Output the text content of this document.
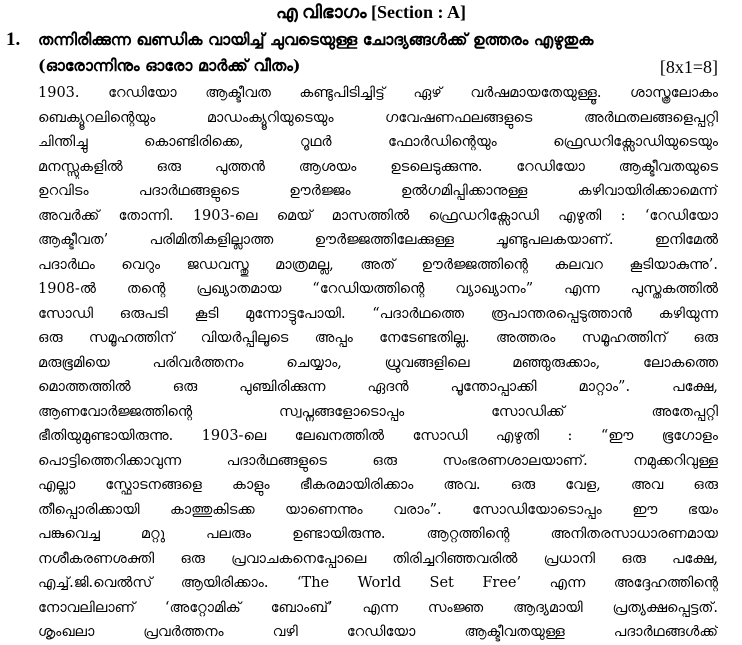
എ വിഭാഗം [Section : A]
1. തന്നിരിക്കുന്ന ഖണ്ഡിക വായിച്ച് ചുവടെയുള്ള ചോദ്യങ്ങൾക്ക് ഉത്തരം എഴുതുക
(ഓരോന്നിനും ഓരോ മാർക്ക് വീതം)	[8x1=8]
1903. റേഡിയോ ആക്ടീവത കണ്ടുപിടിച്ചിട്ട് ഏഴ് വർഷമായതേയുള്ളൂ. ശാസ്ത്രലോകം
ബെക്യൂറലിന്റെയും മാഡംക്യൂറിയുടെയും ഗവേഷണഫലങ്ങളുടെ അർഥതലങ്ങളെപ്പറ്റി
ചിന്തിച്ചു കൊണ്ടിരിക്കെ, റൂഥർ ഫോർഡിന്റെയും ഫ്രെഡറിക്സോഡിയുടെയും
മനസ്സുകളിൽ ഒരു പുത്തൻ ആശയം ഉടലെടുക്കുന്നു. റേഡിയോ ആക്ടീവതയുടെ
ഉറവിടം പദാർഥങ്ങളുടെ ഊർജ്ജം ഉൽഗമിപ്പിക്കാനുള്ള കഴിവായിരിക്കാമെന്ന്
അവർക്ക് തോന്നി. 1903-ലെ മെയ് മാസത്തിൽ ഫ്രെഡറിക്സോഡി എഴുതി : ‘റേഡിയോ
ആക്ടീവത’ പരിമിതികളില്ലാത്ത ഊർജ്ജത്തിലേക്കുള്ള ചൂണ്ടുപലകയാണ്. ഇനിമേൽ
പദാർഥം വെറും ജഡവസ്തു മാത്രമല്ല, അത് ഊർജ്ജത്തിന്റെ കലവറ കൂടിയാകുന്നു’.
1908-ൽ തന്റെ പ്രഖ്യാതമായ “റേഡിയത്തിന്റെ വ്യാഖ്യാനം” എന്ന പുസ്തകത്തിൽ
സോഡി ഒരുപടി കൂടി മുന്നോട്ടുപോയി. “പദാർഥത്തെ രൂപാന്തരപ്പെടുത്താൻ കഴിയുന്ന
ഒരു സമൂഹത്തിന് വിയർപ്പിലൂടെ അപ്പം നേടേണ്ടതില്ല. അത്തരം സമൂഹത്തിന് ഒരു
മരുഭൂമിയെ പരിവർത്തനം ചെയ്യാം, ധ്രുവങ്ങളിലെ മഞ്ഞുരുക്കാം, ലോകത്തെ
മൊത്തത്തിൽ ഒരു പുഞ്ചിരിക്കുന്ന ഏദൻ പൂന്തോപ്പാക്കി മാറ്റാം”. പക്ഷേ,
ആണവോർജ്ജത്തിന്റെ സ്വപ്നങ്ങളോടൊപ്പം സോഡിക്ക് അതേപ്പറ്റി
ഭീതിയുമുണ്ടായിരുന്നു. 1903-ലെ ലേഖനത്തിൽ സോഡി എഴുതി : “ഈ ഭൂഗോളം
പൊട്ടിത്തെറിക്കാവുന്ന പദാർഥങ്ങളുടെ ഒരു സംഭരണശാലയാണ്. നമുക്കറിവുള്ള
എല്ലാ സ്ഫോടനങ്ങളെ കാളും ഭീകരമായിരിക്കാം അവ. ഒരു വേള, അവ ഒരു
തീപ്പൊരിക്കായി കാത്തുകിടക്ക യാണെന്നും വരാം”. സോഡിയോടൊപ്പം ഈ ഭയം
പങ്കുവെച്ച മറ്റു പലരും ഉണ്ടായിരുന്നു. ആറ്റത്തിന്റെ അനിതരസാധാരണമായ
നശീകരണശക്തി ഒരു പ്രവാചകനെപ്പോലെ തിരിച്ചറിഞ്ഞവരിൽ പ്രധാനി ഒരു പക്ഷേ,
എച്ച്.ജി.വെൽസ് ആയിരിക്കാം. ‘The World Set Free’ എന്ന അദ്ദേഹത്തിന്റെ
നോവലിലാണ് ‘അറ്റോമിക് ബോംബ്’ എന്ന സംജ്ഞ ആദ്യമായി പ്രത്യക്ഷപ്പെട്ടത്.
ശൃംഖലാ പ്രവർത്തനം വഴി റേഡിയോ ആക്ടീവതയുള്ള പദാർഥങ്ങൾക്ക്
